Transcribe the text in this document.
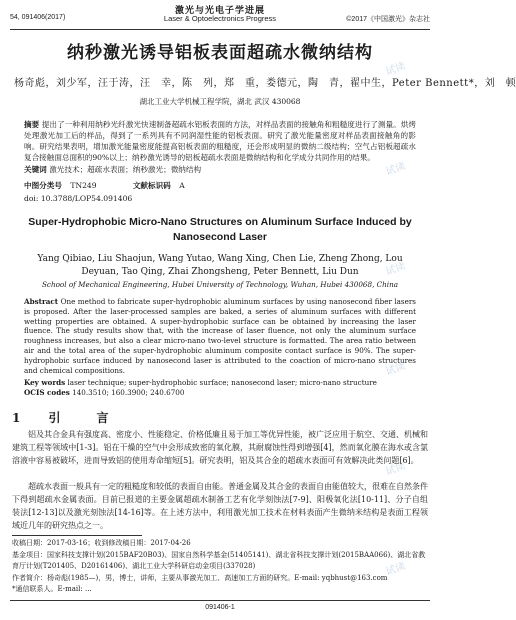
54, 091406(2017)
激光与光电子学进展
Laser & Optoelectronics Progress	©2017《中国激光》杂志社
纳秒激光诱导铝板表面超疏水微纳结构
杨奇彪，刘少军，汪于涛，汪　幸，陈　列，郑　重，娄德元，陶　青，翟中生，Peter Bennett*，刘　顿
湖北工业大学机械工程学院，湖北 武汉 430068
摘要 提出了一种利用纳秒光纤激光快速制备超疏水铝板表面的方法，对样品表面的接触角和粗糙度进行了测量。烘烤处理激光加工后的样品，得到了一系列具有不同润湿性能的铝板表面。研究了激光能量密度对样品表面接触角的影响。研究结果表明，增加激光能量密度能提高铝板表面的粗糙度，还会形成明显的微纳二级结构；空气占铝板超疏水复合接触面总面积的90%以上；纳秒激光诱导的铝板超疏水表面是微纳结构和化学成分共同作用的结果。
关键词 激光技术；超疏水表面；纳秒激光；微纳结构
中图分类号 TN249	文献标识码 A
doi: 10.3788/LOP54.091406
Super-Hydrophobic Micro-Nano Structures on Aluminum Surface Induced by Nanosecond Laser
Yang Qibiao, Liu Shaojun, Wang Yutao, Wang Xing, Chen Lie, Zheng Zhong, Lou Deyuan, Tao Qing, Zhai Zhongsheng, Peter Bennett, Liu Dun
School of Mechanical Engineering, Hubei University of Technology, Wuhan, Hubei 430068, China
Abstract One method to fabricate super-hydrophobic aluminum surfaces by using nanosecond fiber lasers is proposed. After the laser-processed samples are baked, a series of aluminum surfaces with different wetting properties are obtained. A super-hydrophobic surface can be obtained by increasing the laser fluence. The study results show that, with the increase of laser fluence, not only the aluminum surface roughness increases, but also a clear micro-nano two-level structure is formatted. The area ratio between air and the total area of the super-hydrophobic aluminum composite contact surface is 90%. The super-hydrophobic surface induced by nanosecond laser is attributed to the coaction of micro-nano structures and chemical compositions.
Key words laser technique; super-hydrophobic surface; nanosecond laser; micro-nano structure
OCIS codes 140.3510; 160.3900; 240.6700
1 引　言
铝及其合金具有强度高、密度小、性能稳定、价格低廉且易于加工等优异性能，被广泛应用于航空、交通、机械和建筑工程等领域中[1-3]。铝在干燥的空气中会形成致密的氧化膜，其耐腐蚀性得到增强[4]，然而氧化膜在海水或含氯溶液中容易被破坏，进而导致铝的使用寿命缩短[5]。研究表明，铝及其合金的超疏水表面可有效解决此类问题[6]。
超疏水表面一般具有一定的粗糙度和较低的表面自由能。普通金属及其合金的表面自由能值较大，很难在自然条件下得到超疏水金属表面。目前已报道的主要金属超疏水制备工艺有化学刻蚀法[7-9]、阳极氧化法[10-11]、分子自组装法[12-13]以及激光刻蚀法[14-16]等。在上述方法中，利用激光加工技术在材料表面产生微纳米结构是表面工程领域近几年的研究热点之一。
收稿日期：2017-03-16；收到修改稿日期：2017-04-26
基金项目：国家科技支撑计划(2015BAF20B03)、国家自然科学基金(51405141)、湖北省科技支撑计划(2015BAA066)、湖北省教育厅计划(T201405、D20161406)、湖北工业大学科研启动金项目(337028)
作者简介：杨奇彪(1985—)，男，博士，讲师，主要从事激光加工、高速加工方面的研究。E-mail: yqbhust@163.com
*通信联系人。E-mail: ...
091406-1
试读
试读
试读
试读
试读
试读
